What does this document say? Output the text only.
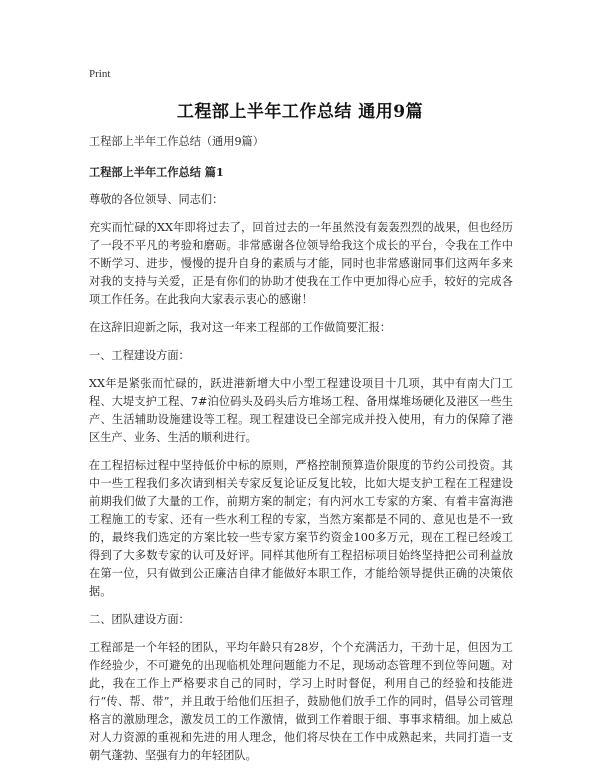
Print
工程部上半年工作总结 通用9篇

工程部上半年工作总结（通用9篇）

工程部上半年工作总结 篇1

尊敬的各位领导、同志们：

充实而忙碌的XX年即将过去了，回首过去的一年虽然没有轰轰烈烈的战果，但也经历了一段不平凡的考验和磨砺。非常感谢各位领导给我这个成长的平台，令我在工作中不断学习、进步，慢慢的提升自身的素质与才能，同时也非常感谢同事们这两年多来对我的支持与关爱，正是有你们的协助才使我在工作中更加得心应手，较好的完成各项工作任务。在此我向大家表示衷心的感谢！

在这辞旧迎新之际，我对这一年来工程部的工作做简要汇报：

一、工程建设方面：

XX年是紧张而忙碌的，跃进港新增大中小型工程建设项目十几项，其中有南大门工程、大堤支护工程、7#泊位码头及码头后方堆场工程、备用煤堆场硬化及港区一些生产、生活辅助设施建设等工程。现工程建设已全部完成并投入使用，有力的保障了港区生产、业务、生活的顺利进行。

在工程招标过程中坚持低价中标的原则，严格控制预算造价限度的节约公司投资。其中一些工程我们多次请到相关专家反复论证反复比较，比如大堤支护工程在工程建设前期我们做了大量的工作，前期方案的制定；有内河水工专家的方案、有着丰富海港工程施工的专家、还有一些水利工程的专家，当然方案都是不同的、意见也是不一致的，最终我们选定的方案比较一些专家方案节约资金100多万元，现在工程已经竣工得到了大多数专家的认可及好评。同样其他所有工程招标项目始终坚持把公司利益放在第一位，只有做到公正廉洁自律才能做好本职工作，才能给领导提供正确的决策依据。

二、团队建设方面：

工程部是一个年轻的团队，平均年龄只有28岁，个个充满活力，干劲十足，但因为工作经验少，不可避免的出现临机处理问题能力不足，现场动态管理不到位等问题。对此，我在工作上严格要求自己的同时，学习上时时督促，利用自己的经验和技能进行“传、帮、带”，并且敢于给他们压担子，鼓励他们放手工作的同时，倡导公司管理格言的激励理念，激发员工的工作激情，做到工作着眼于细、事事求精细。加上威总对人力资源的重视和先进的用人理念，他们将尽快在工作中成熟起来，共同打造一支朝气蓬勃、坚强有力的年轻团队。
